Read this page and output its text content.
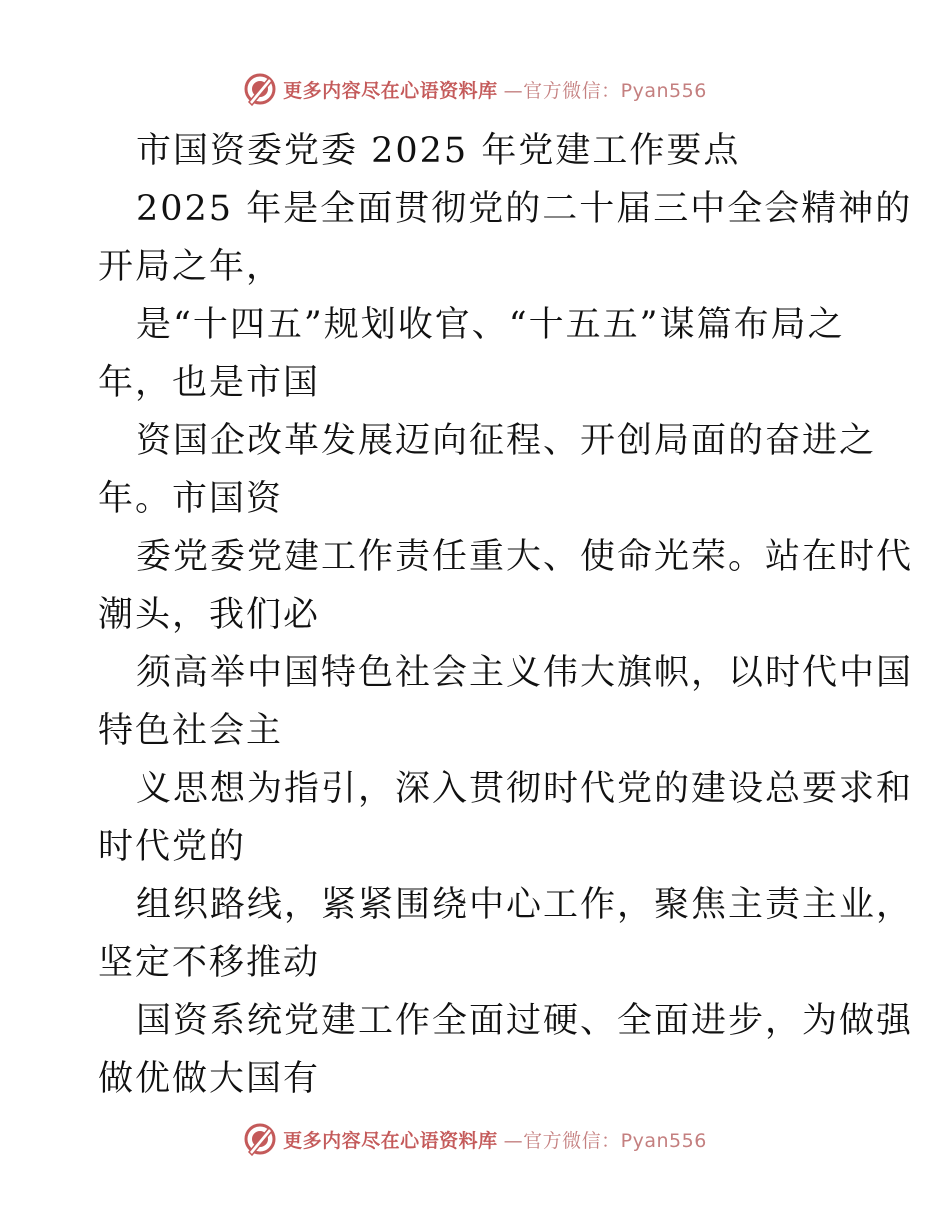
更多内容尽在心语资料库 —官方微信：Pyan556
市国资委党委 2025 年党建工作要点
2025 年是全面贯彻党的二十届三中全会精神的
开局之年，
是“十四五”规划收官、“十五五”谋篇布局之
年，也是市国
资国企改革发展迈向征程、开创局面的奋进之
年。市国资
委党委党建工作责任重大、使命光荣。站在时代
潮头，我们必
须高举中国特色社会主义伟大旗帜，以时代中国
特色社会主
义思想为指引，深入贯彻时代党的建设总要求和
时代党的
组织路线，紧紧围绕中心工作，聚焦主责主业，
坚定不移推动
国资系统党建工作全面过硬、全面进步，为做强
做优做大国有
更多内容尽在心语资料库 —官方微信：Pyan556
